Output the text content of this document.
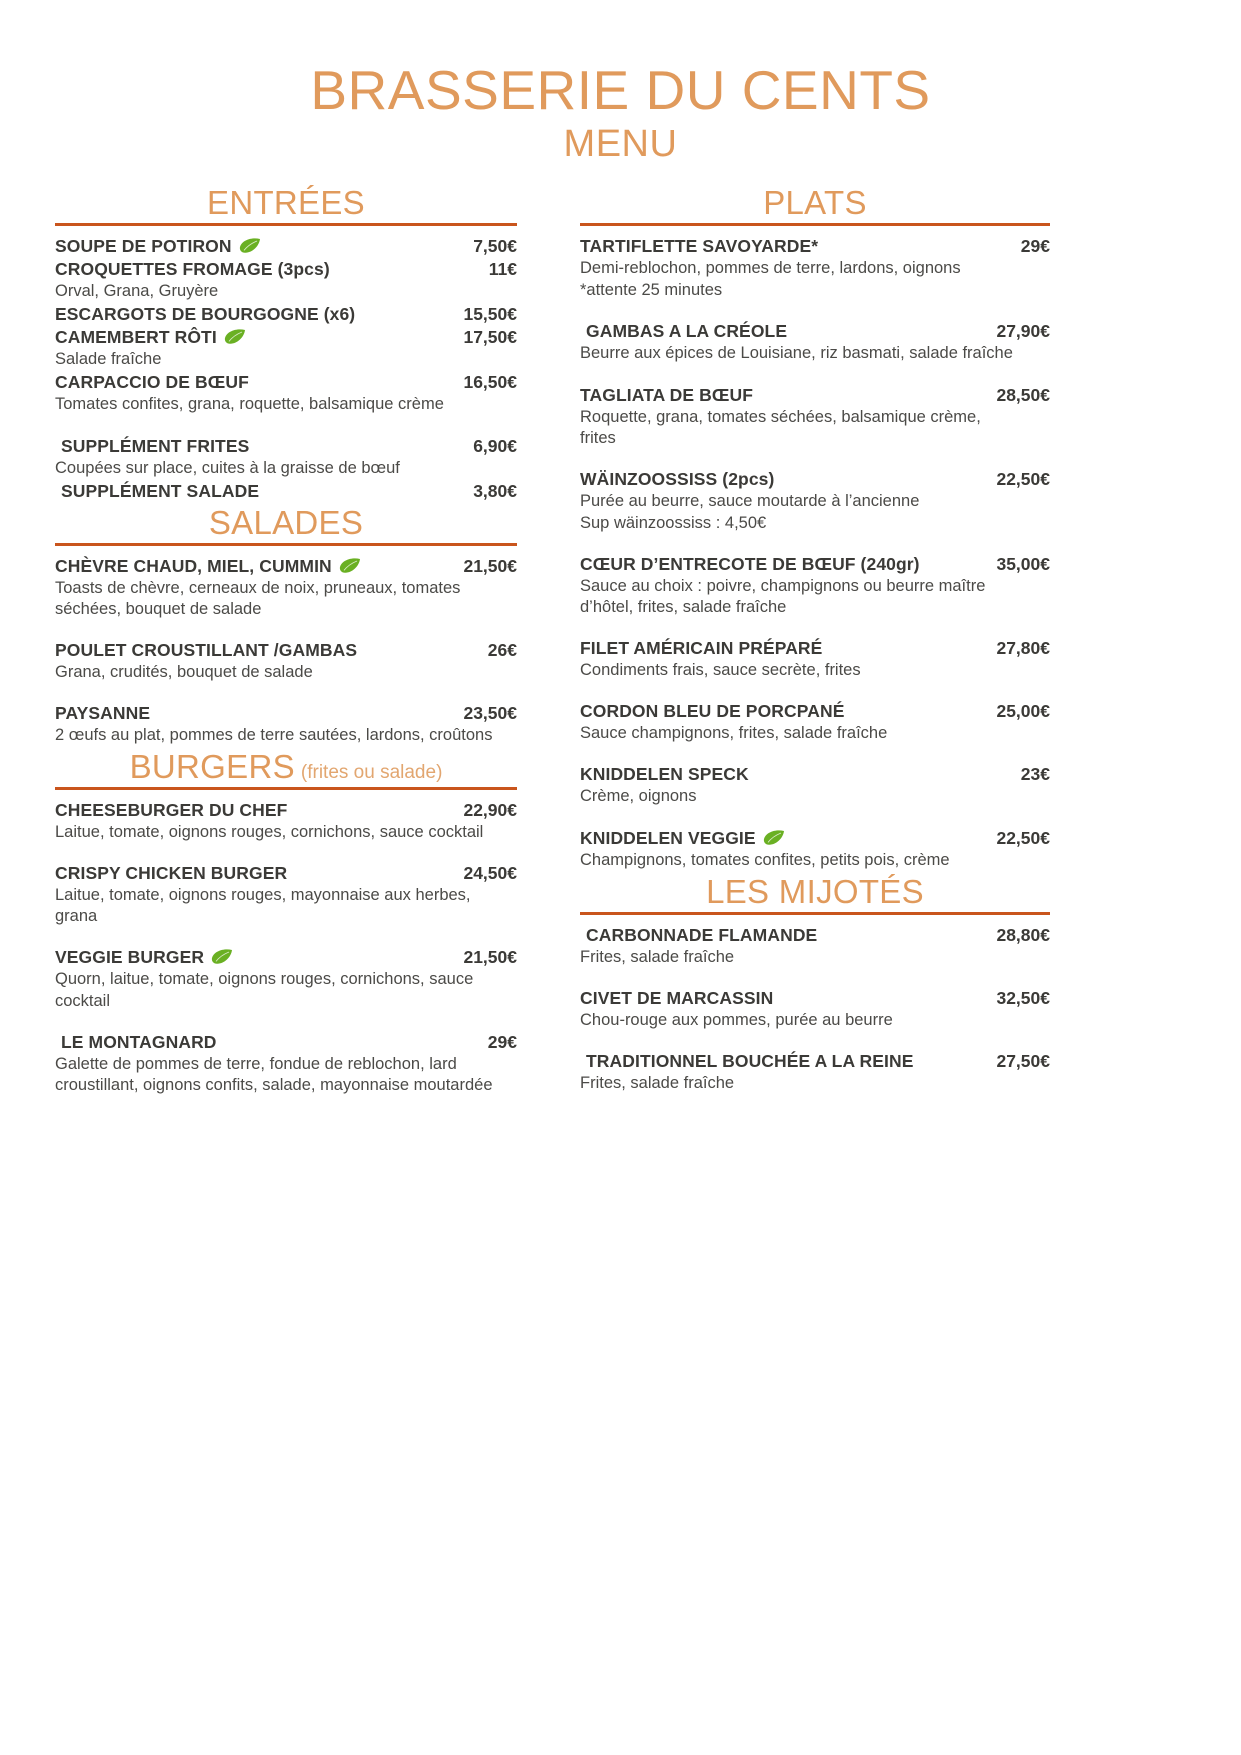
BRASSERIE DU CENTS
MENU
ENTRÉES
SOUPE DE POTIRON	7,50€
CROQUETTES FROMAGE (3pcs)	11€
Orval, Grana, Gruyère
ESCARGOTS DE BOURGOGNE (x6)	15,50€
CAMEMBERT RÔTI	17,50€
Salade fraîche
CARPACCIO DE BŒUF	16,50€
Tomates confites, grana, roquette, balsamique crème
SUPPLÉMENT FRITES	6,90€
Coupées sur place, cuites à la graisse de bœuf
SUPPLÉMENT SALADE	3,80€
SALADES
CHÈVRE CHAUD, MIEL, CUMMIN	21,50€
Toasts de chèvre, cerneaux de noix, pruneaux, tomates séchées, bouquet de salade
POULET CROUSTILLANT /GAMBAS	26€
Grana, crudités, bouquet de salade
PAYSANNE	23,50€
2 œufs au plat, pommes de terre sautées, lardons, croûtons
BURGERS (frites ou salade)
CHEESEBURGER DU CHEF	22,90€
Laitue, tomate, oignons rouges, cornichons, sauce cocktail
CRISPY CHICKEN BURGER	24,50€
Laitue, tomate, oignons rouges, mayonnaise aux herbes, grana
VEGGIE BURGER	21,50€
Quorn, laitue, tomate, oignons rouges, cornichons, sauce cocktail
LE MONTAGNARD	29€
Galette de pommes de terre, fondue de reblochon, lard croustillant, oignons confits, salade, mayonnaise moutardée
PLATS
TARTIFLETTE SAVOYARDE*	29€
Demi-reblochon, pommes de terre, lardons, oignons
*attente 25 minutes
GAMBAS A LA CRÉOLE	27,90€
Beurre aux épices de Louisiane, riz basmati, salade fraîche
TAGLIATA DE BŒUF	28,50€
Roquette, grana, tomates séchées, balsamique crème, frites
WÄINZOOSSISS (2pcs)	22,50€
Purée au beurre, sauce moutarde à l’ancienne
Sup wäinzoossiss : 4,50€
CŒUR D’ENTRECOTE DE BŒUF (240gr)	35,00€
Sauce au choix : poivre, champignons ou beurre maître d’hôtel, frites, salade fraîche
FILET AMÉRICAIN PRÉPARÉ	27,80€
Condiments frais, sauce secrète, frites
CORDON BLEU DE PORCPANÉ	25,00€
Sauce champignons, frites, salade fraîche
KNIDDELEN SPECK	23€
Crème, oignons
KNIDDELEN VEGGIE	22,50€
Champignons, tomates confites, petits pois, crème
LES MIJOTÉS
CARBONNADE FLAMANDE	28,80€
Frites, salade fraîche
CIVET DE MARCASSIN	32,50€
Chou-rouge aux pommes, purée au beurre
TRADITIONNEL BOUCHÉE A LA REINE	27,50€
Frites, salade fraîche
